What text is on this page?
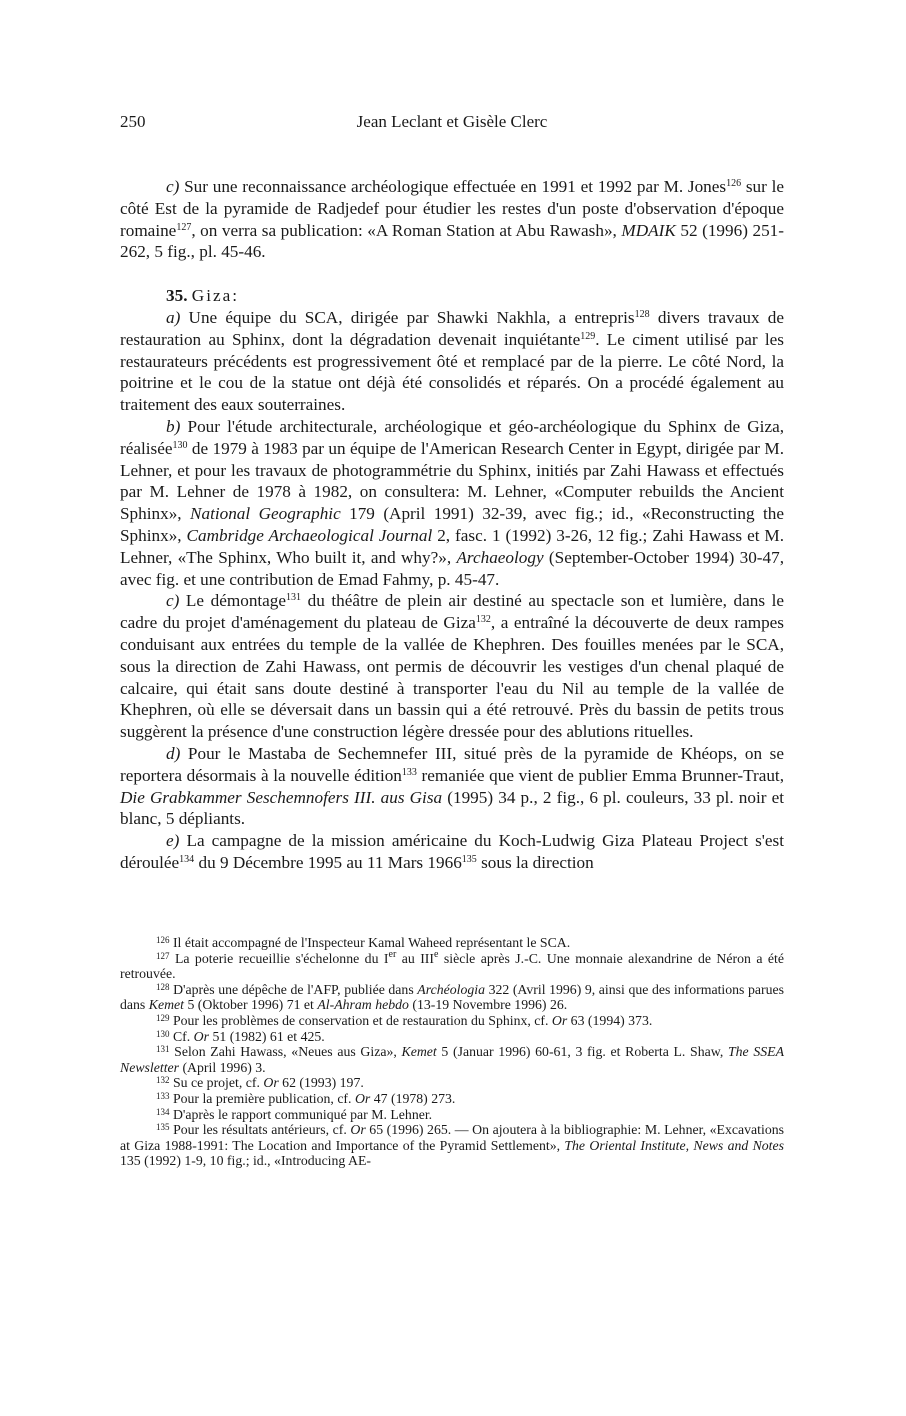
250	Jean Leclant et Gisèle Clerc

c) Sur une reconnaissance archéologique effectuée en 1991 et 1992 par M. Jones$^{126}$ sur le côté Est de la pyramide de Radjedef pour étudier les restes d'un poste d'observation d'époque romaine$^{127}$, on verra sa publication: «A Roman Station at Abu Rawash», MDAIK 52 (1996) 251-262, 5 fig., pl. 45-46.

35. Giza:

a) Une équipe du SCA, dirigée par Shawki Nakhla, a entrepris$^{128}$ divers travaux de restauration au Sphinx, dont la dégradation devenait inquiétante$^{129}$. Le ciment utilisé par les restaurateurs précédents est progressivement ôté et remplacé par de la pierre. Le côté Nord, la poitrine et le cou de la statue ont déjà été consolidés et réparés. On a procédé également au traitement des eaux souterraines.

b) Pour l'étude architecturale, archéologique et géo-archéologique du Sphinx de Giza, réalisée$^{130}$ de 1979 à 1983 par un équipe de l'American Research Center in Egypt, dirigée par M. Lehner, et pour les travaux de photogrammétrie du Sphinx, initiés par Zahi Hawass et effectués par M. Lehner de 1978 à 1982, on consultera: M. Lehner, «Computer rebuilds the Ancient Sphinx», National Geographic 179 (April 1991) 32-39, avec fig.; id., «Reconstructing the Sphinx», Cambridge Archaeological Journal 2, fasc. 1 (1992) 3-26, 12 fig.; Zahi Hawass et M. Lehner, «The Sphinx, Who built it, and why?», Archaeology (September-October 1994) 30-47, avec fig. et une contribution de Emad Fahmy, p. 45-47.

c) Le démontage$^{131}$ du théâtre de plein air destiné au spectacle son et lumière, dans le cadre du projet d'aménagement du plateau de Giza$^{132}$, a entraîné la découverte de deux rampes conduisant aux entrées du temple de la vallée de Khephren. Des fouilles menées par le SCA, sous la direction de Zahi Hawass, ont permis de découvrir les vestiges d'un chenal plaqué de calcaire, qui était sans doute destiné à transporter l'eau du Nil au temple de la vallée de Khephren, où elle se déversait dans un bassin qui a été retrouvé. Près du bassin de petits trous suggèrent la présence d'une construction légère dressée pour des ablutions rituelles.

d) Pour le Mastaba de Sechemnefer III, situé près de la pyramide de Khéops, on se reportera désormais à la nouvelle édition$^{133}$ remaniée que vient de publier Emma Brunner-Traut, Die Grabkammer Seschemnofers III. aus Gisa (1995) 34 p., 2 fig., 6 pl. couleurs, 33 pl. noir et blanc, 5 dépliants.

e) La campagne de la mission américaine du Koch-Ludwig Giza Plateau Project s'est déroulée$^{134}$ du 9 Décembre 1995 au 11 Mars 1966$^{135}$ sous la direction

$^{126}$ Il était accompagné de l'Inspecteur Kamal Waheed représentant le SCA.

$^{127}$ La poterie recueillie s'échelonne du Ier au IIIe siècle après J.-C. Une monnaie alexandrine de Néron a été retrouvée.

$^{128}$ D'après une dépêche de l'AFP, publiée dans Archéologia 322 (Avril 1996) 9, ainsi que des informations parues dans Kemet 5 (Oktober 1996) 71 et Al-Ahram hebdo (13-19 Novembre 1996) 26.

$^{129}$ Pour les problèmes de conservation et de restauration du Sphinx, cf. Or 63 (1994) 373.

$^{130}$ Cf. Or 51 (1982) 61 et 425.

$^{131}$ Selon Zahi Hawass, «Neues aus Giza», Kemet 5 (Januar 1996) 60-61, 3 fig. et Roberta L. Shaw, The SSEA Newsletter (April 1996) 3.

$^{132}$ Su ce projet, cf. Or 62 (1993) 197.

$^{133}$ Pour la première publication, cf. Or 47 (1978) 273.

$^{134}$ D'après le rapport communiqué par M. Lehner.

$^{135}$ Pour les résultats antérieurs, cf. Or 65 (1996) 265. — On ajoutera à la bibliographie: M. Lehner, «Excavations at Giza 1988-1991: The Location and Importance of the Pyramid Settlement», The Oriental Institute, News and Notes 135 (1992) 1-9, 10 fig.; id., «Introducing AE-
